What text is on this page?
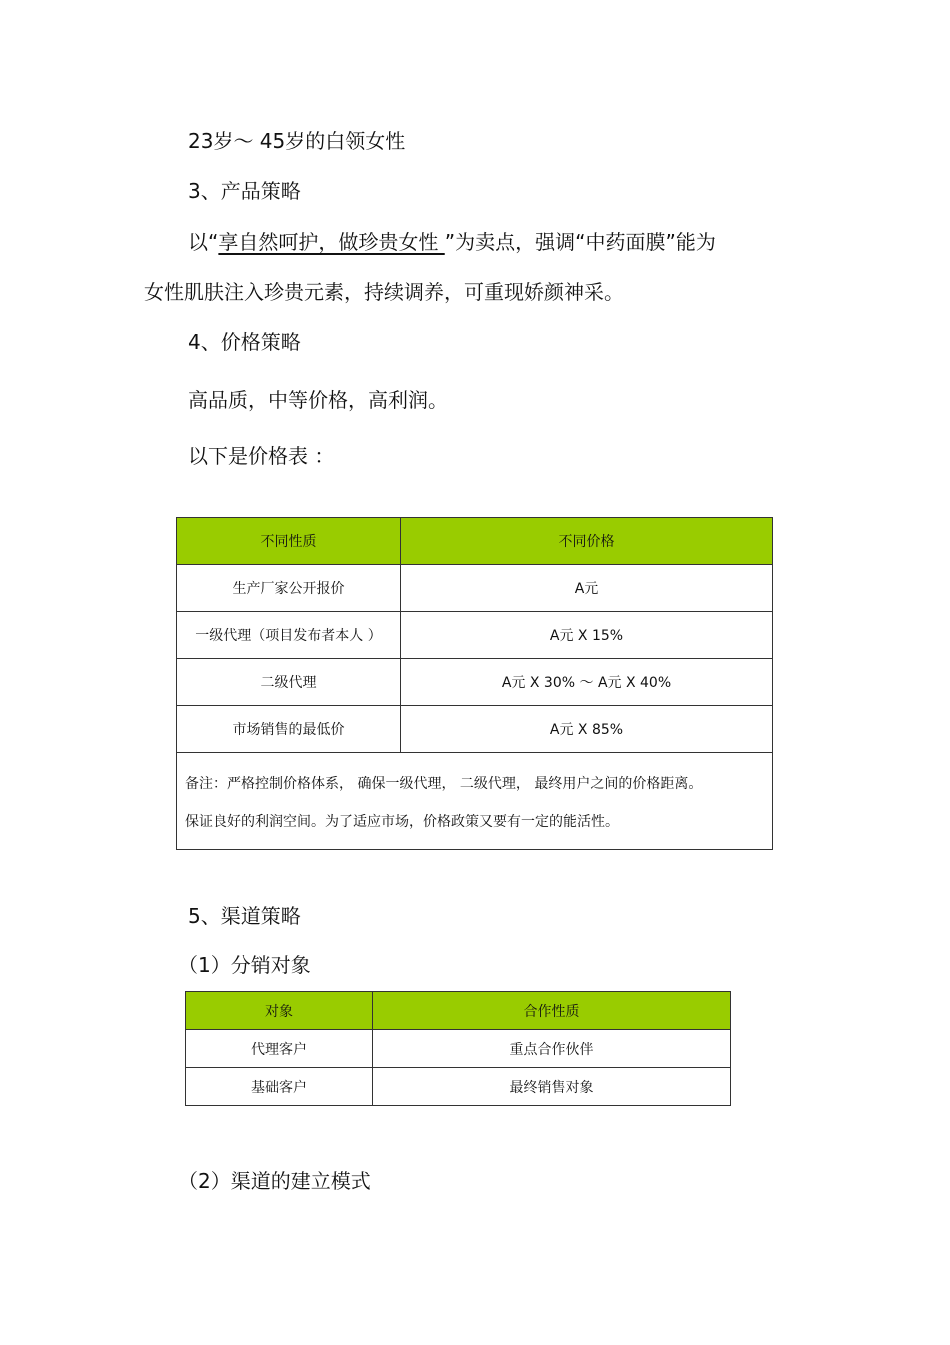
23岁～ 45岁的白领女性

3、产品策略

以“享自然呵护，做珍贵女性 ”为卖点，强调“中药面膜”能为

女性肌肤注入珍贵元素，持续调养，可重现娇颜神采。

4、价格策略

高品质，中等价格，高利润。

以下是价格表 ：

不同性质	不同价格
生产厂家公开报价	A元
一级代理（项目发布者本人 ）	A元 X 15%
二级代理	A元 X 30% ～ A元 X 40%
市场销售的最低价	A元 X 85%

备注：严格控制价格体系， 确保一级代理， 二级代理， 最终用户之间的价格距离。
保证良好的利润空间。为了适应市场，价格政策又要有一定的能活性。	

5、渠道策略

（1）分销对象

对象	合作性质
代理客户	重点合作伙伴
基础客户	最终销售对象

（2）渠道的建立模式
